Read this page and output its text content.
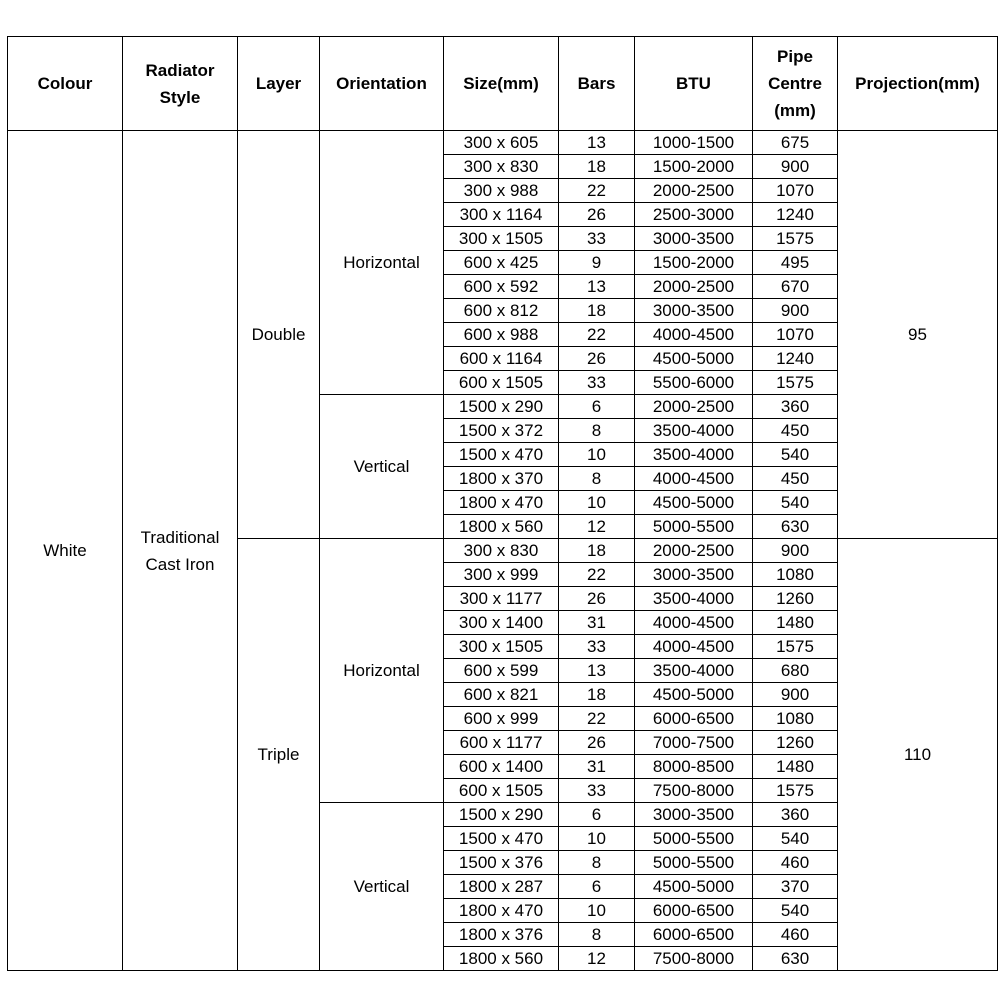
Colour	Radiator Style	Layer	Orientation	Size(mm)	Bars	BTU	Pipe Centre (mm)	Projection(mm)
White	Traditional Cast Iron	Double	Horizontal	300 x 605	13	1000-1500	675	95
				300 x 830	18	1500-2000	900	
				300 x 988	22	2000-2500	1070	
				300 x 1164	26	2500-3000	1240	
				300 x 1505	33	3000-3500	1575	
				600 x 425	9	1500-2000	495	
				600 x 592	13	2000-2500	670	
				600 x 812	18	3000-3500	900	
				600 x 988	22	4000-4500	1070	
				600 x 1164	26	4500-5000	1240	
				600 x 1505	33	5500-6000	1575	
			Vertical	1500 x 290	6	2000-2500	360	
				1500 x 372	8	3500-4000	450	
				1500 x 470	10	3500-4000	540	
				1800 x 370	8	4000-4500	450	
				1800 x 470	10	4500-5000	540	
				1800 x 560	12	5000-5500	630	
		Triple	Horizontal	300 x 830	18	2000-2500	900	110
				300 x 999	22	3000-3500	1080	
				300 x 1177	26	3500-4000	1260	
				300 x 1400	31	4000-4500	1480	
				300 x 1505	33	4000-4500	1575	
				600 x 599	13	3500-4000	680	
				600 x 821	18	4500-5000	900	
				600 x 999	22	6000-6500	1080	
				600 x 1177	26	7000-7500	1260	
				600 x 1400	31	8000-8500	1480	
				600 x 1505	33	7500-8000	1575	
			Vertical	1500 x 290	6	3000-3500	360	
				1500 x 470	10	5000-5500	540	
				1500 x 376	8	5000-5500	460	
				1800 x 287	6	4500-5000	370	
				1800 x 470	10	6000-6500	540	
				1800 x 376	8	6000-6500	460	
				1800 x 560	12	7500-8000	630	
